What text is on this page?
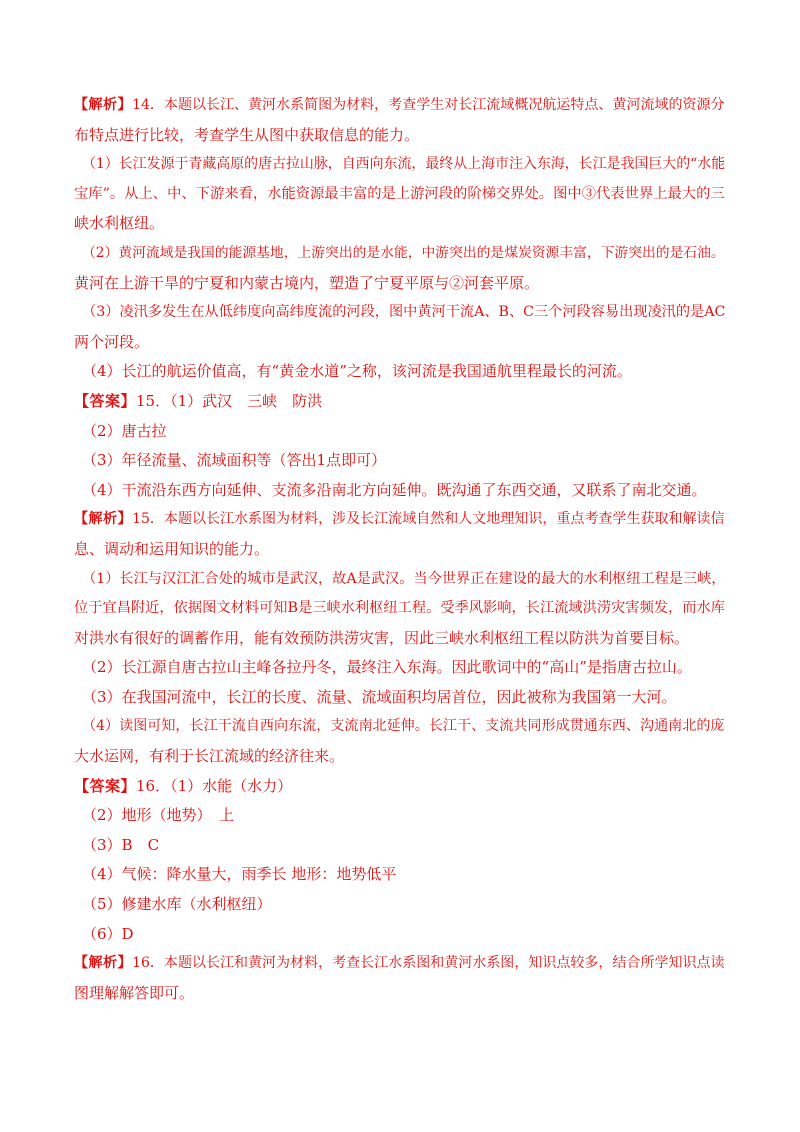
【解析】14．本题以长江、黄河水系简图为材料，考查学生对长江流域概况航运特点、黄河流域的资源分
布特点进行比较，考查学生从图中获取信息的能力。
（1）长江发源于青藏高原的唐古拉山脉，自西向东流，最终从上海市注入东海，长江是我国巨大的“水能
宝库”。从上、中、下游来看，水能资源最丰富的是上游河段的阶梯交界处。图中③代表世界上最大的三
峡水利枢纽。
（2）黄河流域是我国的能源基地，上游突出的是水能，中游突出的是煤炭资源丰富，下游突出的是石油。
黄河在上游干旱的宁夏和内蒙古境内，塑造了宁夏平原与②河套平原。
（3）凌汛多发生在从低纬度向高纬度流的河段，图中黄河干流A、B、C三个河段容易出现凌汛的是AC
两个河段。
（4）长江的航运价值高，有“黄金水道”之称，该河流是我国通航里程最长的河流。
【答案】15．（1）武汉　三峡　防洪
（2）唐古拉
（3）年径流量、流域面积等（答出1点即可）
（4）干流沿东西方向延伸、支流多沿南北方向延伸。既沟通了东西交通，又联系了南北交通。
【解析】15．本题以长江水系图为材料，涉及长江流域自然和人文地理知识，重点考查学生获取和解读信
息、调动和运用知识的能力。
（1）长江与汉江汇合处的城市是武汉，故A是武汉。当今世界正在建设的最大的水利枢纽工程是三峡，
位于宜昌附近，依据图文材料可知B是三峡水利枢纽工程。受季风影响，长江流域洪涝灾害频发，而水库
对洪水有很好的调蓄作用，能有效预防洪涝灾害，因此三峡水利枢纽工程以防洪为首要目标。
（2）长江源自唐古拉山主峰各拉丹冬，最终注入东海。因此歌词中的“高山”是指唐古拉山。
（3）在我国河流中，长江的长度、流量、流域面积均居首位，因此被称为我国第一大河。
（4）读图可知，长江干流自西向东流，支流南北延伸。长江干、支流共同形成贯通东西、沟通南北的庞
大水运网，有利于长江流域的经济往来。
【答案】16．（1）水能（水力）
（2）地形（地势）　上
（3）B　C
（4）气候：降水量大，雨季长 地形：地势低平
（5）修建水库（水利枢纽）
（6）D
【解析】16．本题以长江和黄河为材料，考查长江水系图和黄河水系图，知识点较多，结合所学知识点读
图理解解答即可。
